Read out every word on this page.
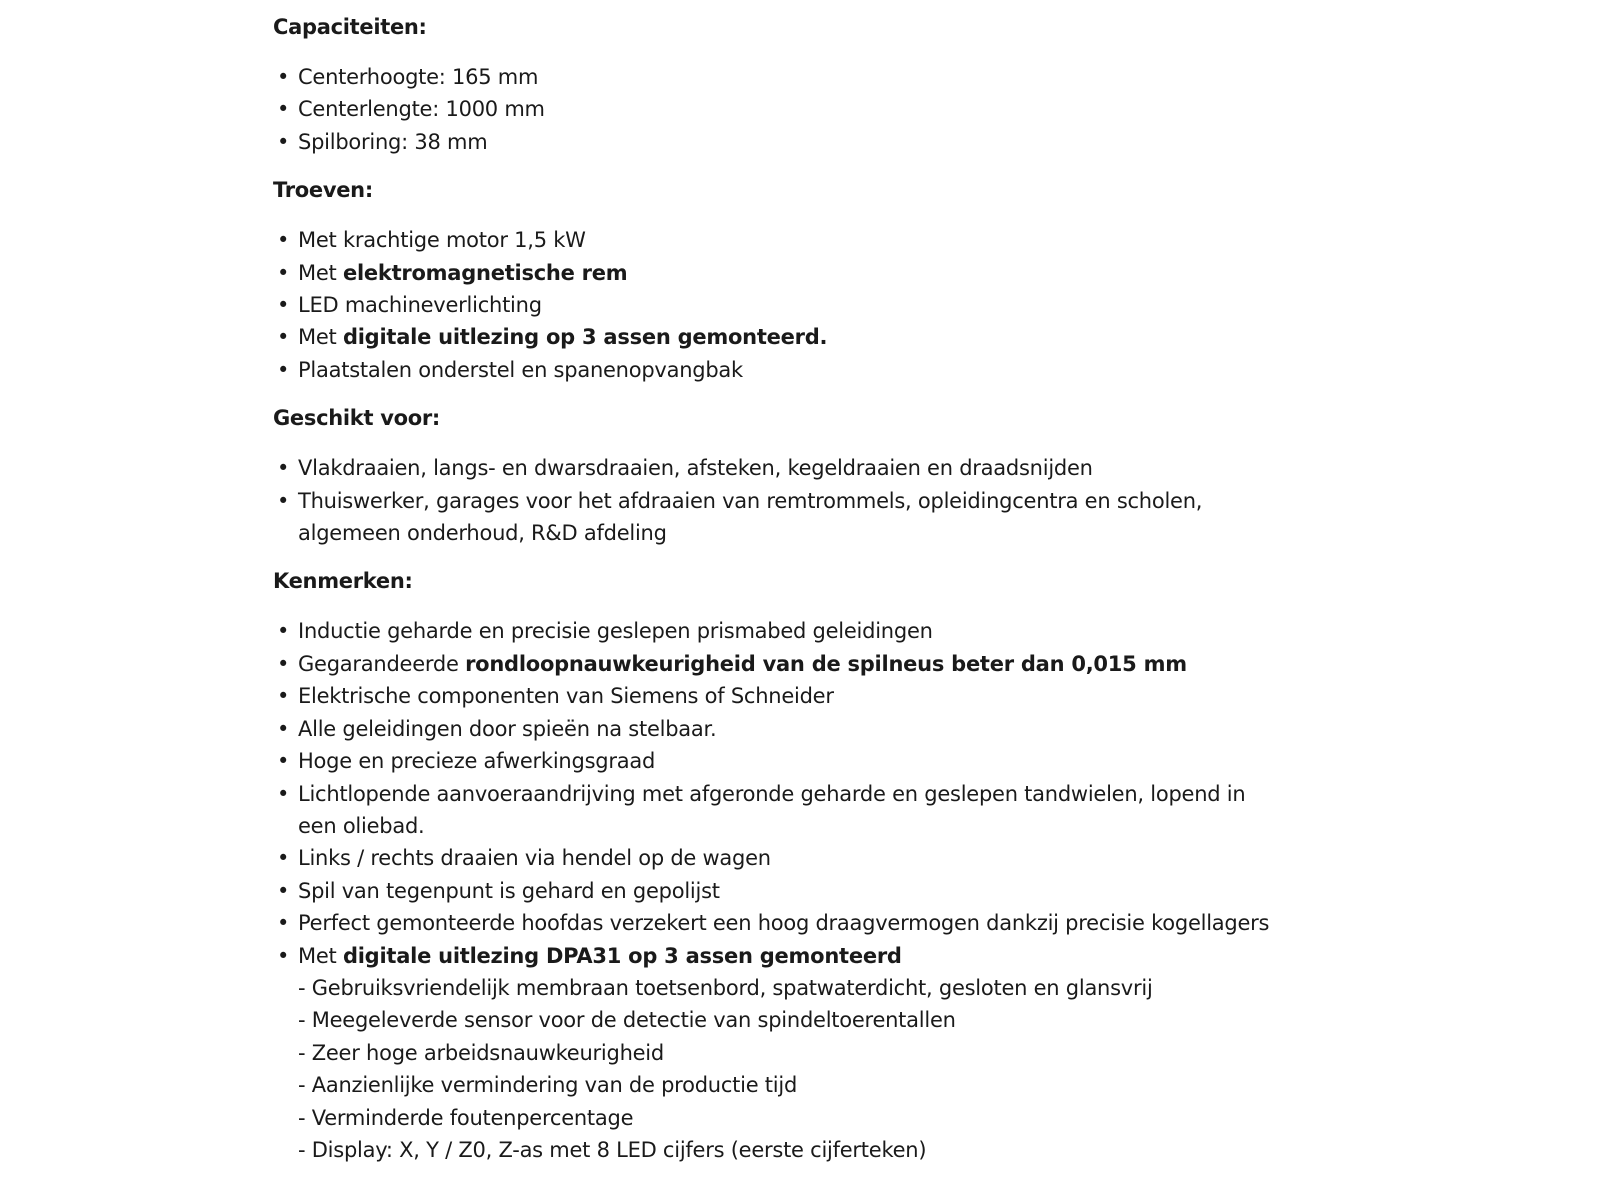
Capaciteiten:
• Centerhoogte: 165 mm
• Centerlengte: 1000 mm
• Spilboring: 38 mm
Troeven:
• Met krachtige motor 1,5 kW
• Met elektromagnetische rem
• LED machineverlichting
• Met digitale uitlezing op 3 assen gemonteerd.
• Plaatstalen onderstel en spanenopvangbak
Geschikt voor:
• Vlakdraaien, langs- en dwarsdraaien, afsteken, kegeldraaien en draadsnijden
• Thuiswerker, garages voor het afdraaien van remtrommels, opleidingcentra en scholen,
algemeen onderhoud, R&D afdeling
Kenmerken:
• Inductie geharde en precisie geslepen prismabed geleidingen
• Gegarandeerde rondloopnauwkeurigheid van de spilneus beter dan 0,015 mm
• Elektrische componenten van Siemens of Schneider
• Alle geleidingen door spieën na stelbaar.
• Hoge en precieze afwerkingsgraad
• Lichtlopende aanvoeraandrijving met afgeronde geharde en geslepen tandwielen, lopend in
een oliebad.
• Links / rechts draaien via hendel op de wagen
• Spil van tegenpunt is gehard en gepolijst
• Perfect gemonteerde hoofdas verzekert een hoog draagvermogen dankzij precisie kogellagers
• Met digitale uitlezing DPA31 op 3 assen gemonteerd
- Gebruiksvriendelijk membraan toetsenbord, spatwaterdicht, gesloten en glansvrij
- Meegeleverde sensor voor de detectie van spindeltoerentallen
- Zeer hoge arbeidsnauwkeurigheid
- Aanzienlijke vermindering van de productie tijd
- Verminderde foutenpercentage
- Display: X, Y / Z0, Z-as met 8 LED cijfers (eerste cijferteken)
